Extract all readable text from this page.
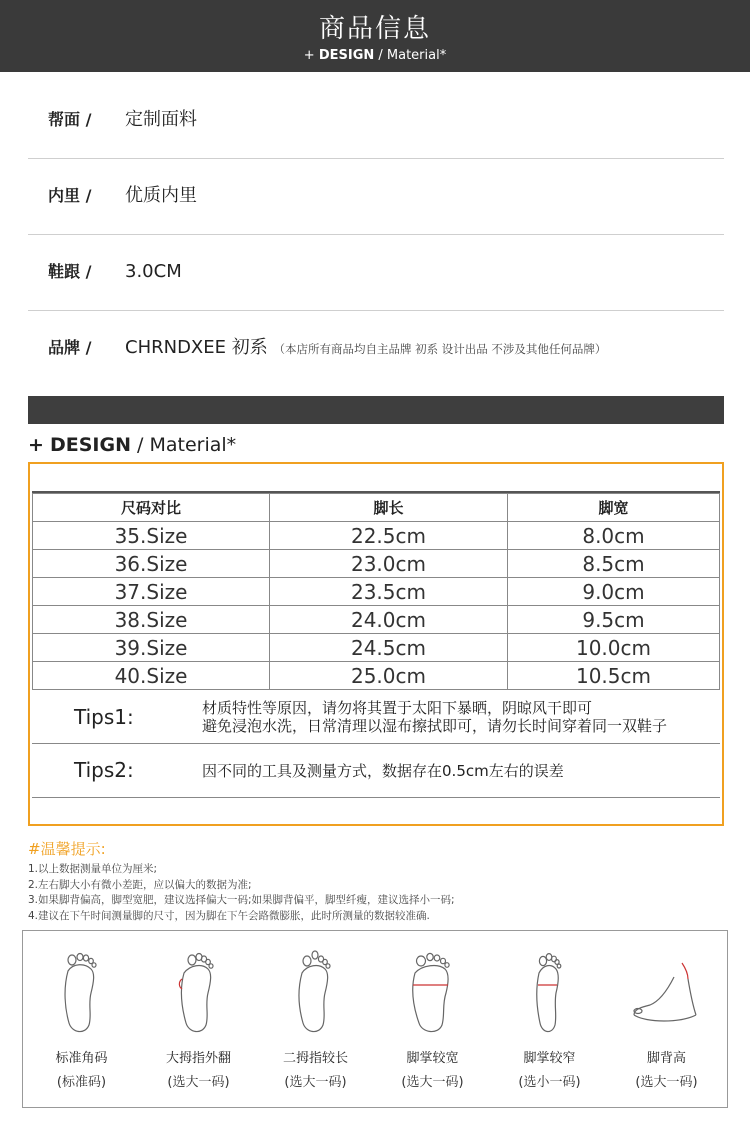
商品信息
+ DESIGN / Material*
帮面 / 定制面料
内里 / 优质内里
鞋跟 / 3.0CM
品牌 / CHRNDXEE 初系 （本店所有商品均自主品牌 初系 设计出品 不涉及其他任何品牌）
+ DESIGN / Material*
尺码对比	脚长	脚宽
35.Size	22.5cm	8.0cm
36.Size	23.0cm	8.5cm
37.Size	23.5cm	9.0cm
38.Size	24.0cm	9.5cm
39.Size	24.5cm	10.0cm
40.Size	25.0cm	10.5cm
Tips1:	材质特性等原因，请勿将其置于太阳下暴晒，阴晾风干即可
避免浸泡水洗，日常清理以湿布擦拭即可，请勿长时间穿着同一双鞋子
Tips2:	因不同的工具及测量方式，数据存在0.5cm左右的误差
#温馨提示:
1.以上数据测量单位为厘米;
2.左右脚大小有微小差距，应以偏大的数据为准;
3.如果脚背偏高，脚型宽肥，建议选择偏大一码;如果脚背偏平，脚型纤瘦，建议选择小一码;
4.建议在下午时间测量脚的尺寸，因为脚在下午会路微膨胀，此时所测量的数据较准确.
标准角码
(标准码)
大拇指外翻
(选大一码)
二拇指较长
(选大一码)
脚掌较宽
(选大一码)
脚掌较窄
(选小一码)
脚背高
(选大一码)
